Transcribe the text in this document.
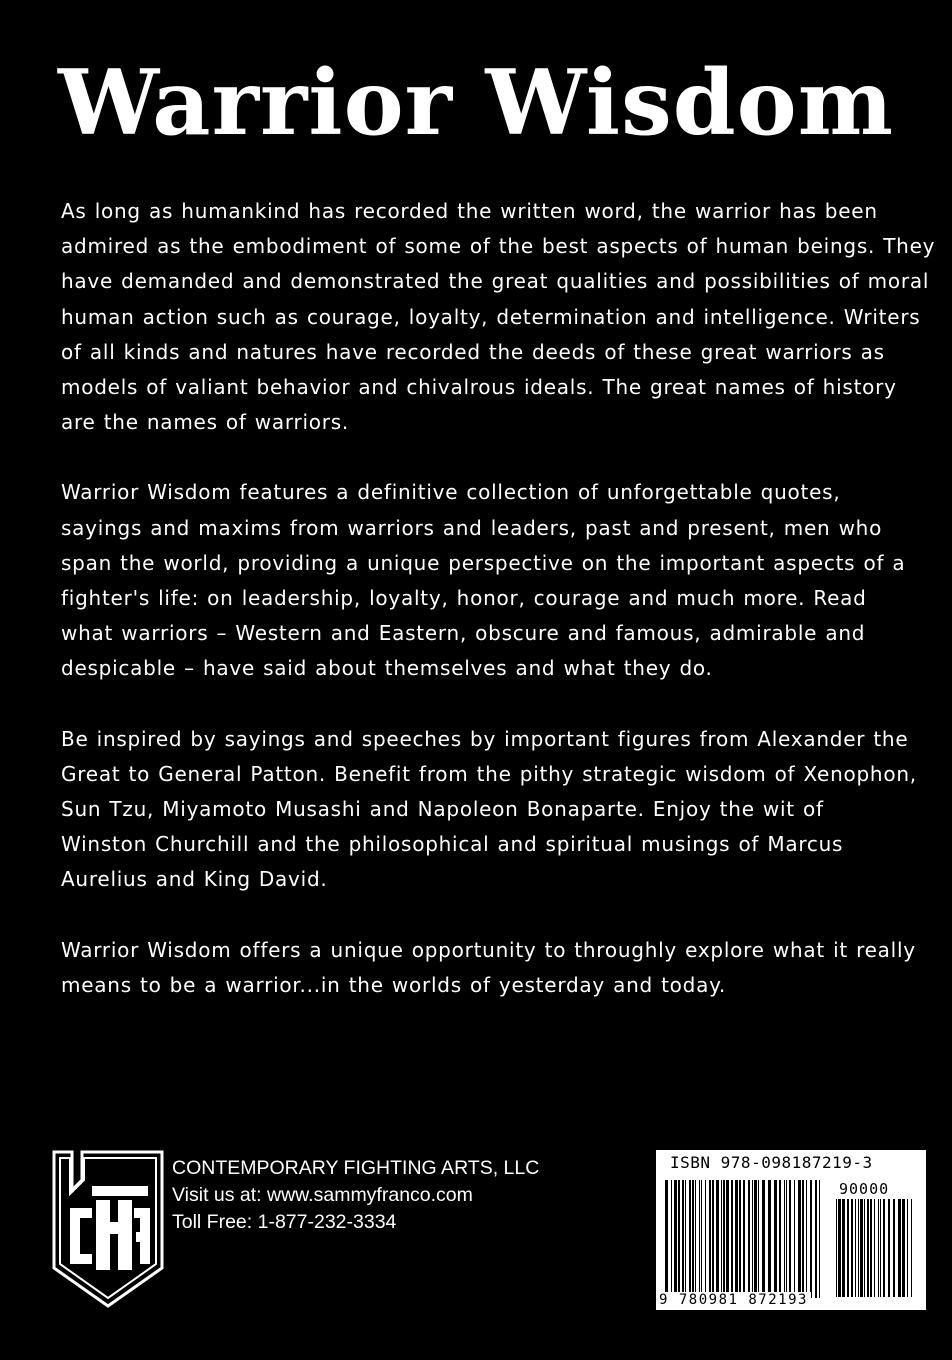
Warrior Wisdom

As long as humankind has recorded the written word, the warrior has been
admired as the embodiment of some of the best aspects of human beings. They
have demanded and demonstrated the great qualities and possibilities of moral
human action such as courage, loyalty, determination and intelligence. Writers
of all kinds and natures have recorded the deeds of these great warriors as
models of valiant behavior and chivalrous ideals. The great names of history
are the names of warriors.

Warrior Wisdom features a definitive collection of unforgettable quotes,
sayings and maxims from warriors and leaders, past and present, men who
span the world, providing a unique perspective on the important aspects of a
fighter's life: on leadership, loyalty, honor, courage and much more. Read
what warriors – Western and Eastern, obscure and famous, admirable and
despicable – have said about themselves and what they do.

Be inspired by sayings and speeches by important figures from Alexander the
Great to General Patton. Benefit from the pithy strategic wisdom of Xenophon,
Sun Tzu, Miyamoto Musashi and Napoleon Bonaparte. Enjoy the wit of
Winston Churchill and the philosophical and spiritual musings of Marcus
Aurelius and King David.

Warrior Wisdom offers a unique opportunity to throughly explore what it really
means to be a warrior...in the worlds of yesterday and today.

CONTEMPORARY FIGHTING ARTS, LLC
Visit us at: www.sammyfranco.com
Toll Free: 1-877-232-3334
ISBN 978-098187219-3
90000
9 780981 872193
